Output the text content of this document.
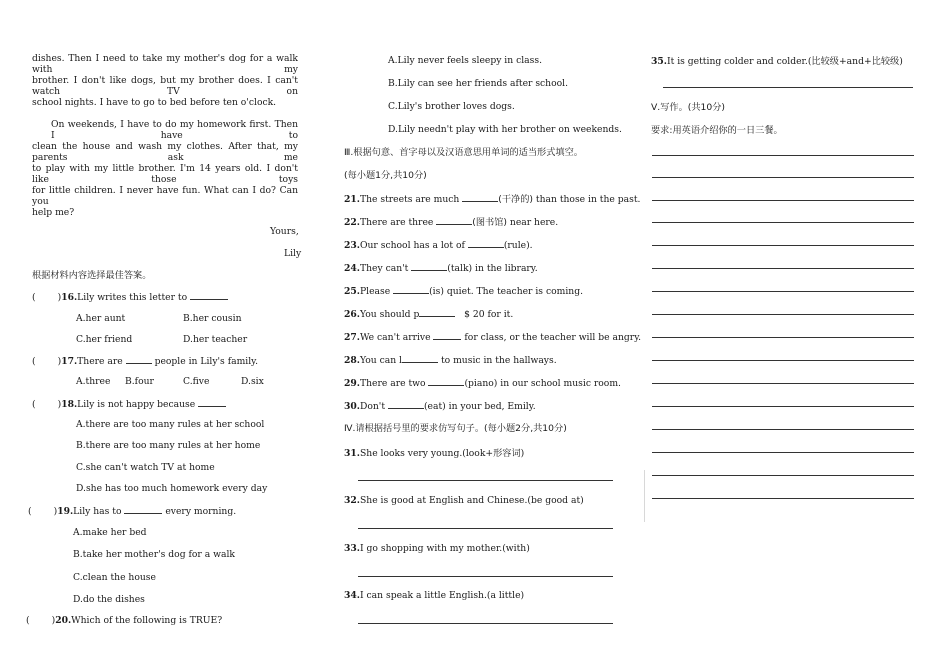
dishes. Then I need to take my mother's dog for a walk with my
brother. I don't like dogs, but my brother does. I can't watch TV on
school nights. I have to go to bed before ten o'clock.
On weekends, I have to do my homework first. Then I have to
clean the house and wash my clothes. After that, my parents ask me
to play with my little brother. I'm 14 years old. I don't like those toys
for little children. I never have fun. What can I do? Can you
help me?
Yours,
Lily
根据材料内容选择最佳答案。
( )16.Lily writes this letter to
A.her aunt	B.her cousin
C.her friend	D.her teacher
( )17.There are	people in Lily's family.
A.three B.four	C.five	D.six
( )18.Lily is not happy because
A.there are too many rules at her school
B.there are too many rules at her home
C.she can't watch TV at home
D.she has too much homework every day
( )19.Lily has to	every morning.
A.make her bed
B.take her mother's dog for a walk
C.clean the house
D.do the dishes
( )20.Which of the following is TRUE?
A.Lily never feels sleepy in class.
B.Lily can see her friends after school.
C.Lily's brother loves dogs.
D.Lily needn't play with her brother on weekends.
Ⅲ.根据句意、首字母以及汉语意思用单词的适当形式填空。
(每小题1分,共10分)
21.The streets are much	(干净的) than those in the past.
22.There are three	(图书馆) near here.
23.Our school has a lot of	(rule).
24.They can't	(talk) in the library.
25.Please	(is) quiet. The teacher is coming.
26.You should p	$ 20 for it.
27.We can't arrive	for class, or the teacher will be angry.
28.You can l	to music in the hallways.
29.There are two	(piano) in our school music room.
30.Don't	(eat) in your bed, Emily.
Ⅳ.请根据括号里的要求仿写句子。(每小题2分,共10分)
31.She looks very young.(look+形容词)
32.She is good at English and Chinese.(be good at)
33.I go shopping with my mother.(with)
34.I can speak a little English.(a little)
35.It is getting colder and colder.(比较级+and+比较级)
Ⅴ.写作。(共10分)
要求:用英语介绍你的一日三餐。
